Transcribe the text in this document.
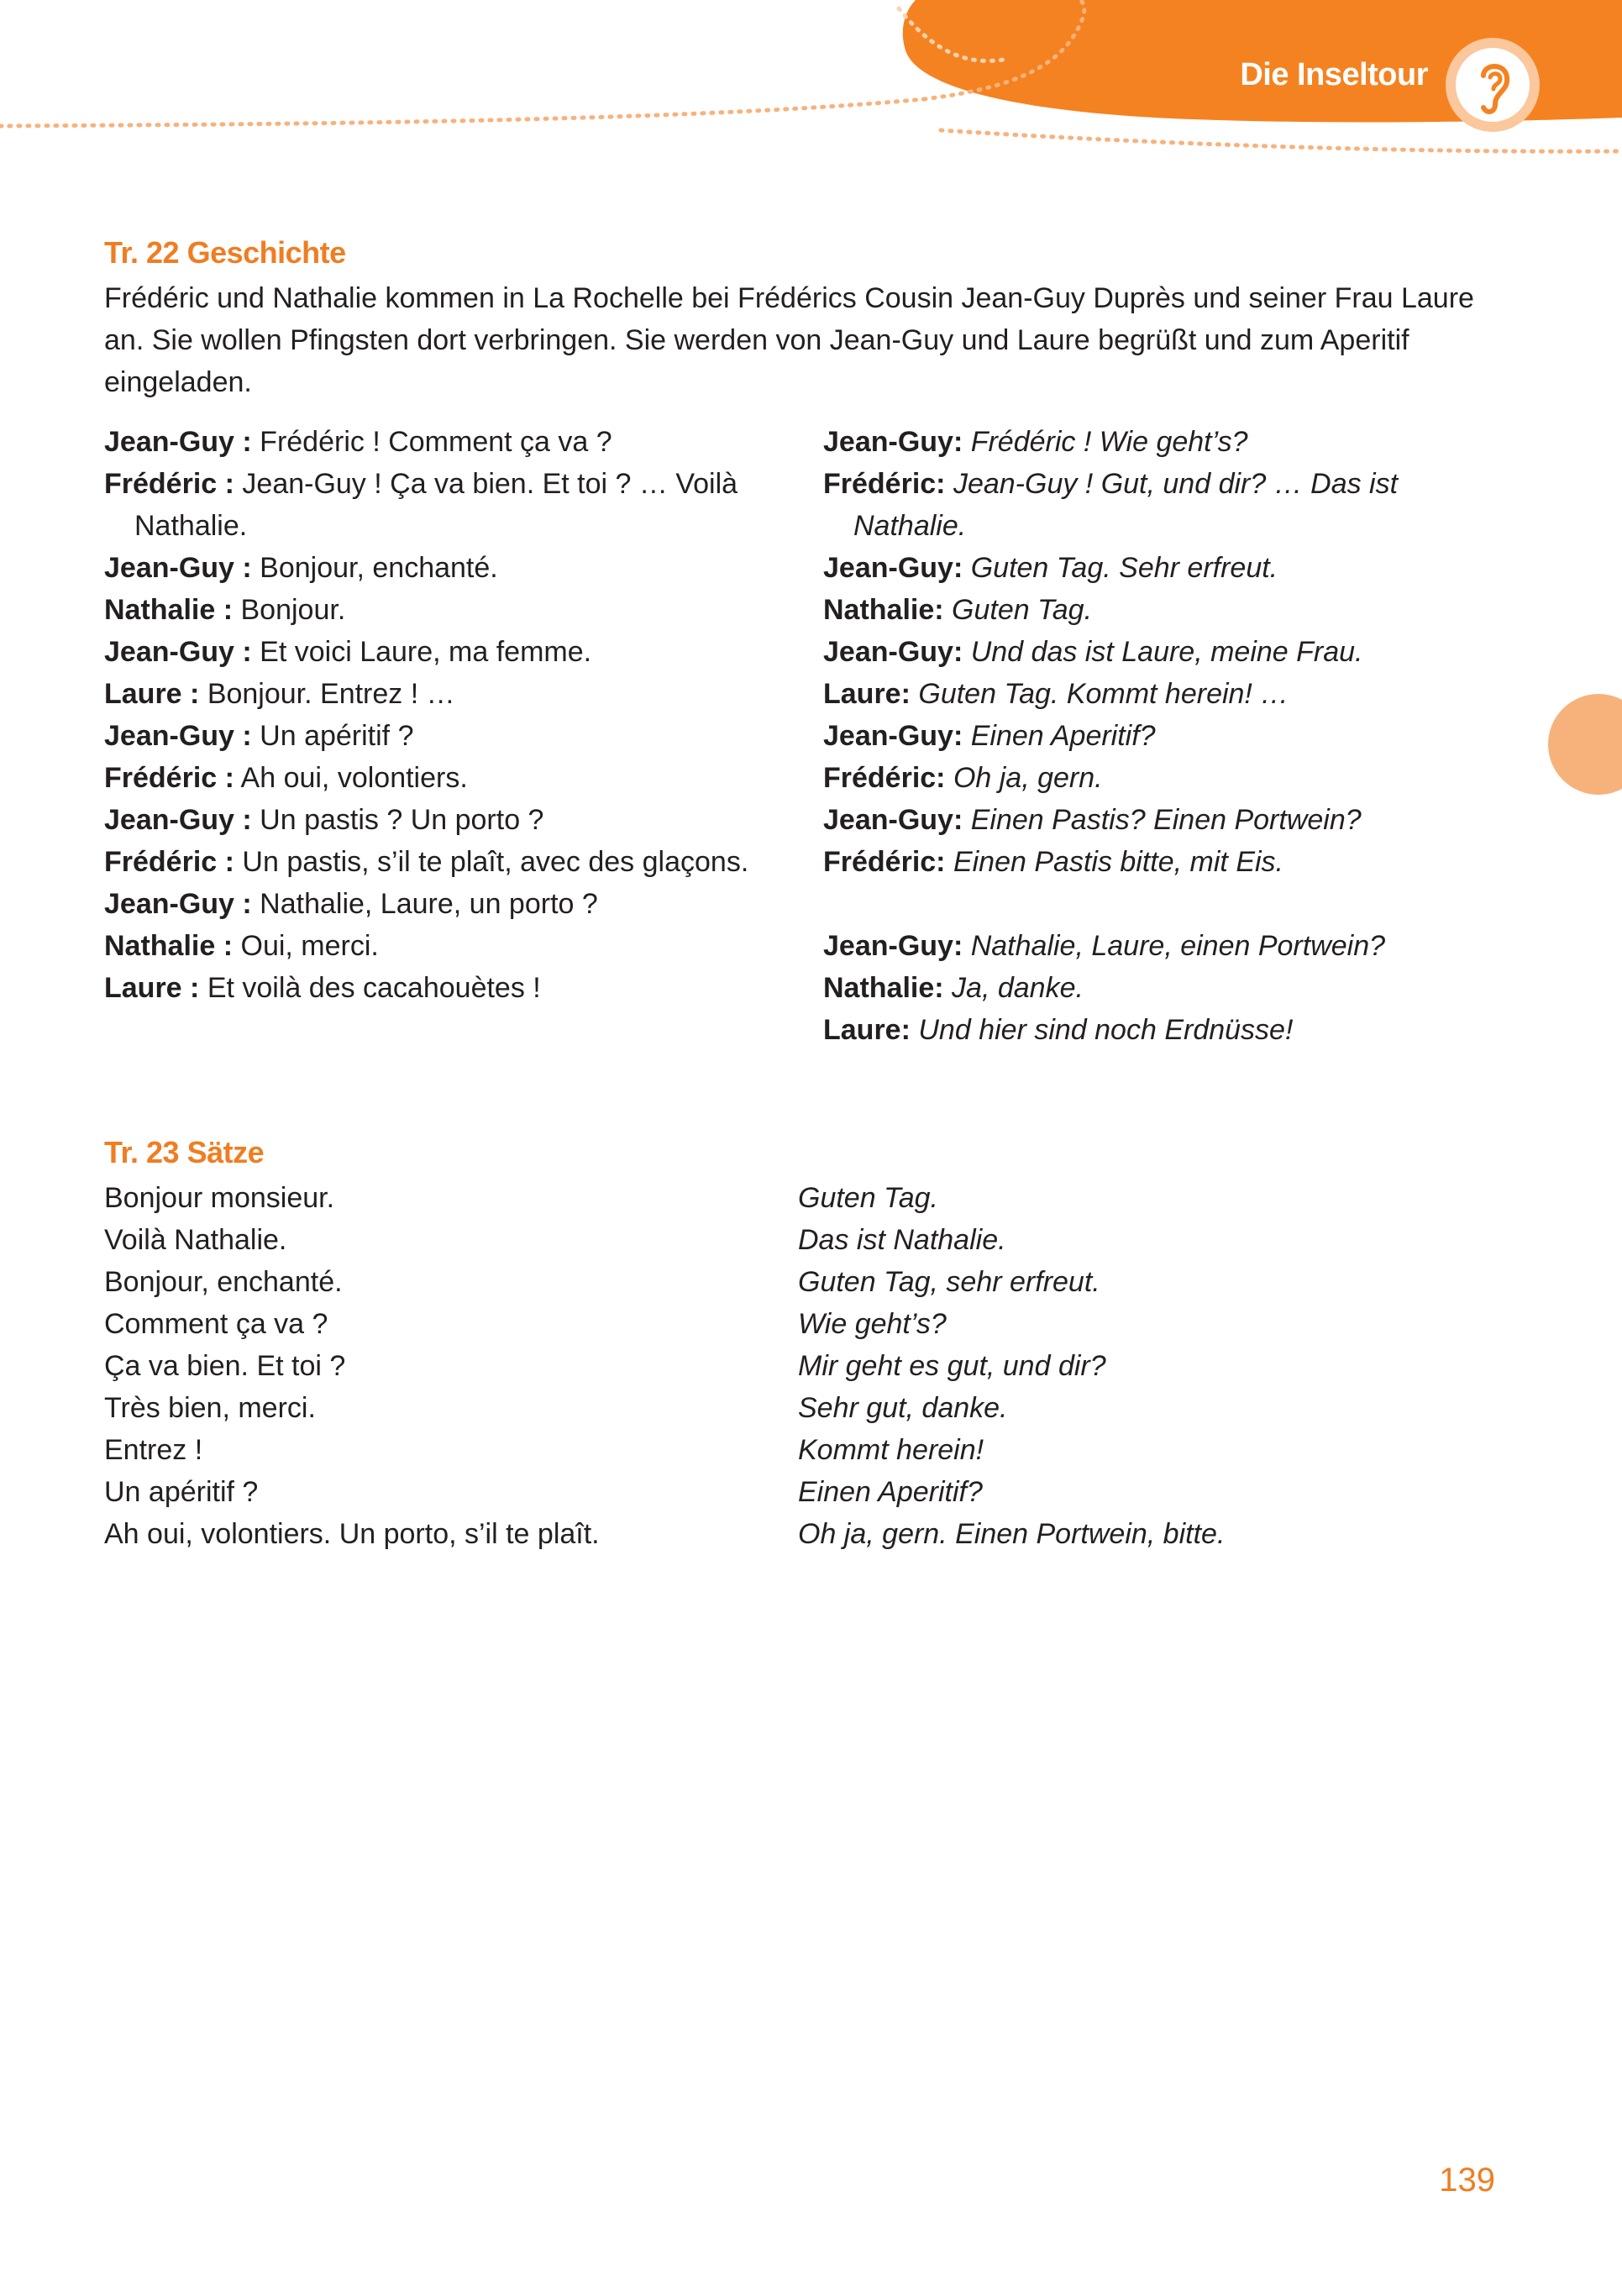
Die Inseltour
Tr. 22 Geschichte

Frédéric und Nathalie kommen in La Rochelle bei Frédérics Cousin Jean-Guy Duprès und seiner Frau Laure an. Sie wollen Pfingsten dort verbringen. Sie werden von Jean-Guy und Laure begrüßt und zum Aperitif eingeladen.

Jean-Guy : Frédéric ! Comment ça va ?

Frédéric : Jean-Guy ! Ça va bien. Et toi ? … Voilà Nathalie.

Jean-Guy : Bonjour, enchanté.

Nathalie : Bonjour.

Jean-Guy : Et voici Laure, ma femme.

Laure : Bonjour. Entrez ! …

Jean-Guy : Un apéritif ?

Frédéric : Ah oui, volontiers.

Jean-Guy : Un pastis ? Un porto ?

Frédéric : Un pastis, s’il te plaît, avec des glaçons.

Jean-Guy : Nathalie, Laure, un porto ?

Nathalie : Oui, merci.

Laure : Et voilà des cacahouètes !

Jean-Guy: Frédéric ! Wie geht’s?

Frédéric: Jean-Guy ! Gut, und dir? … Das ist Nathalie.

Jean-Guy: Guten Tag. Sehr erfreut.

Nathalie: Guten Tag.

Jean-Guy: Und das ist Laure, meine Frau.

Laure: Guten Tag. Kommt herein! …

Jean-Guy: Einen Aperitif?

Frédéric: Oh ja, gern.

Jean-Guy: Einen Pastis? Einen Portwein?

Frédéric: Einen Pastis bitte, mit Eis.

Jean-Guy: Nathalie, Laure, einen Portwein?

Nathalie: Ja, danke.

Laure: Und hier sind noch Erdnüsse!

Tr. 23 Sätze

Bonjour monsieur.

Voilà Nathalie.

Bonjour, enchanté.

Comment ça va ?

Ça va bien. Et toi ?

Très bien, merci.

Entrez !

Un apéritif ?

Ah oui, volontiers. Un porto, s’il te plaît.

Guten Tag.

Das ist Nathalie.

Guten Tag, sehr erfreut.

Wie geht’s?

Mir geht es gut, und dir?

Sehr gut, danke.

Kommt herein!

Einen Aperitif?

Oh ja, gern. Einen Portwein, bitte.

139
